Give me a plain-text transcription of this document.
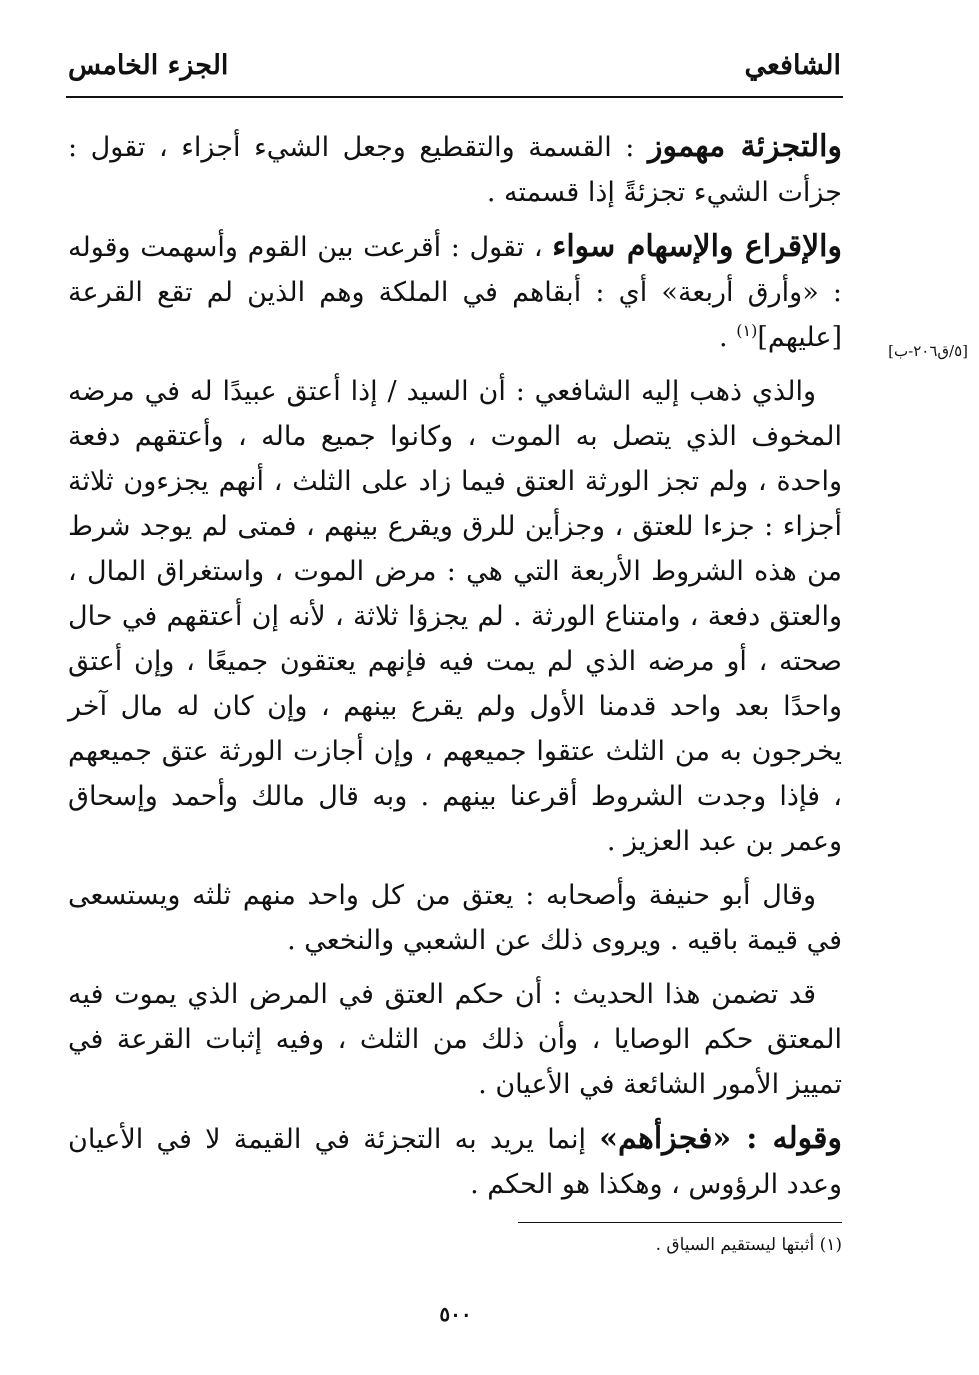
الشافعي
الجزء الخامس
[٥/ق٢٠٦-ب]

والتجزئة مهموز : القسمة والتقطيع وجعل الشيء أجزاء ، تقول : جزأت الشيء تجزئةً إذا قسمته .

والإقراع والإسهام سواء ، تقول : أقرعت بين القوم وأسهمت وقوله : «وأرق أربعة» أي : أبقاهم في الملكة وهم الذين لم تقع القرعة [عليهم]$^{(١)}$ .

والذي ذهب إليه الشافعي : أن السيد / إذا أعتق عبيدًا له في مرضه المخوف الذي يتصل به الموت ، وكانوا جميع ماله ، وأعتقهم دفعة واحدة ، ولم تجز الورثة العتق فيما زاد على الثلث ، أنهم يجزءون ثلاثة أجزاء : جزءا للعتق ، وجزأين للرق ويقرع بينهم ، فمتى لم يوجد شرط من هذه الشروط الأربعة التي هي : مرض الموت ، واستغراق المال ، والعتق دفعة ، وامتناع الورثة . لم يجزؤا ثلاثة ، لأنه إن أعتقهم في حال صحته ، أو مرضه الذي لم يمت فيه فإنهم يعتقون جميعًا ، وإن أعتق واحدًا بعد واحد قدمنا الأول ولم يقرع بينهم ، وإن كان له مال آخر يخرجون به من الثلث عتقوا جميعهم ، وإن أجازت الورثة عتق جميعهم ، فإذا وجدت الشروط أقرعنا بينهم . وبه قال مالك وأحمد وإسحاق وعمر بن عبد العزيز .

وقال أبو حنيفة وأصحابه : يعتق من كل واحد منهم ثلثه ويستسعى في قيمة باقيه . ويروى ذلك عن الشعبي والنخعي .

قد تضمن هذا الحديث : أن حكم العتق في المرض الذي يموت فيه المعتق حكم الوصايا ، وأن ذلك من الثلث ، وفيه إثبات القرعة في تمييز الأمور الشائعة في الأعيان .

وقوله : «فجزأهم» إنما يريد به التجزئة في القيمة لا في الأعيان وعدد الرؤوس ، وهكذا هو الحكم .

(١) أثبتها ليستقيم السياق .
٥٠٠
